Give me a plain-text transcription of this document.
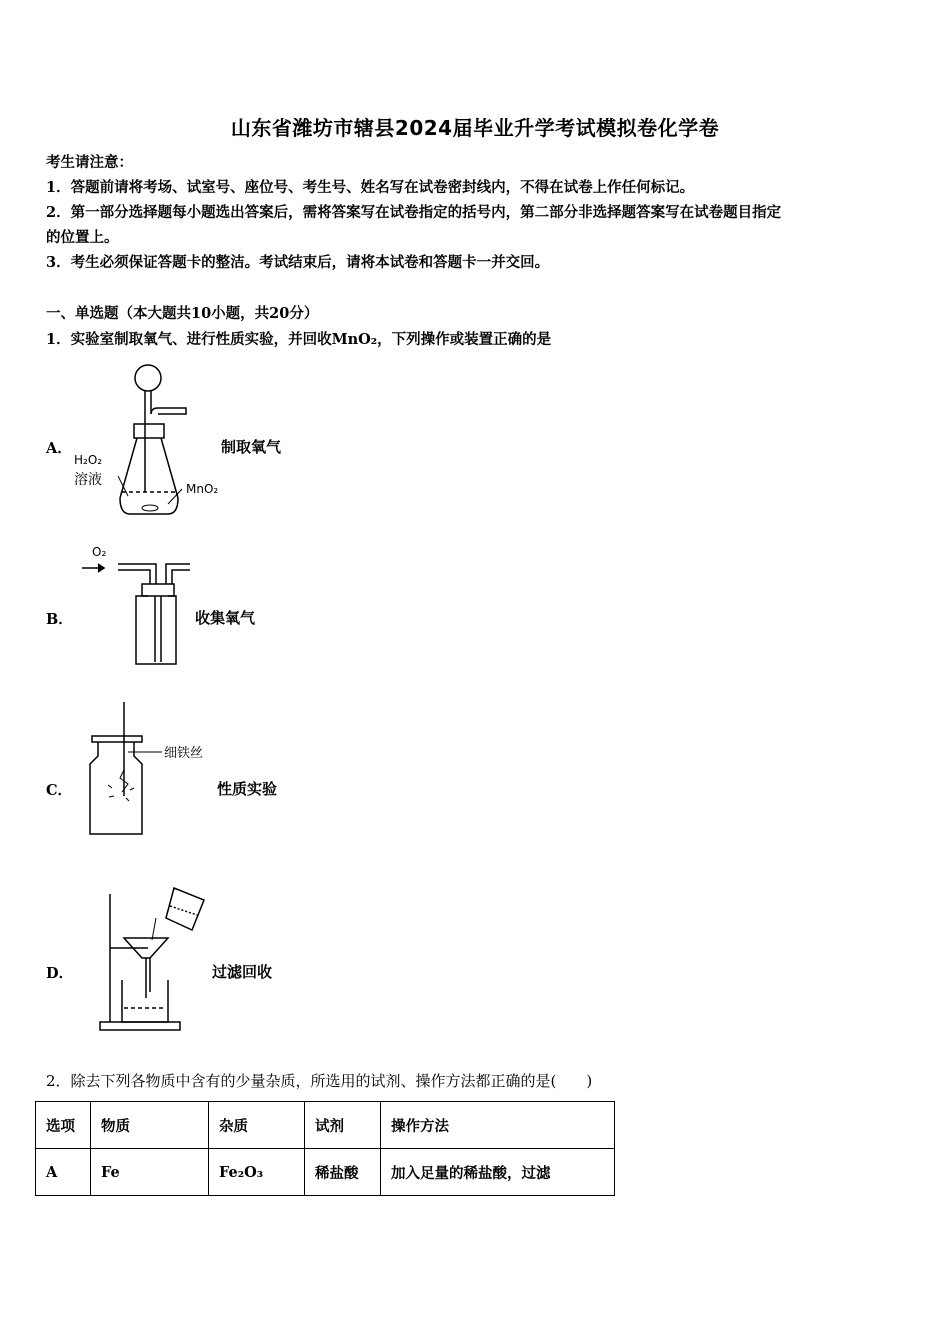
山东省潍坊市辖县2024届毕业升学考试模拟卷化学卷
考生请注意：
1．答题前请将考场、试室号、座位号、考生号、姓名写在试卷密封线内，不得在试卷上作任何标记。
2．第一部分选择题每小题选出答案后，需将答案写在试卷指定的括号内，第二部分非选择题答案写在试卷题目指定
的位置上。
3．考生必须保证答题卡的整洁。考试结束后，请将本试卷和答题卡一并交回。
一、单选题（本大题共10小题，共20分）
1．实验室制取氧气、进行性质实验，并回收MnO₂，下列操作或装置正确的是
A．
H₂O₂
溶液
MnO₂
制取氧气
B．
O₂
收集氧气
C．
细铁丝
性质实验
D．	过滤回收
2．除去下列各物质中含有的少量杂质，所选用的试剂、操作方法都正确的是(　　)
选项	物质	杂质	试剂	操作方法
A	Fe	Fe₂O₃	稀盐酸	加入足量的稀盐酸，过滤
